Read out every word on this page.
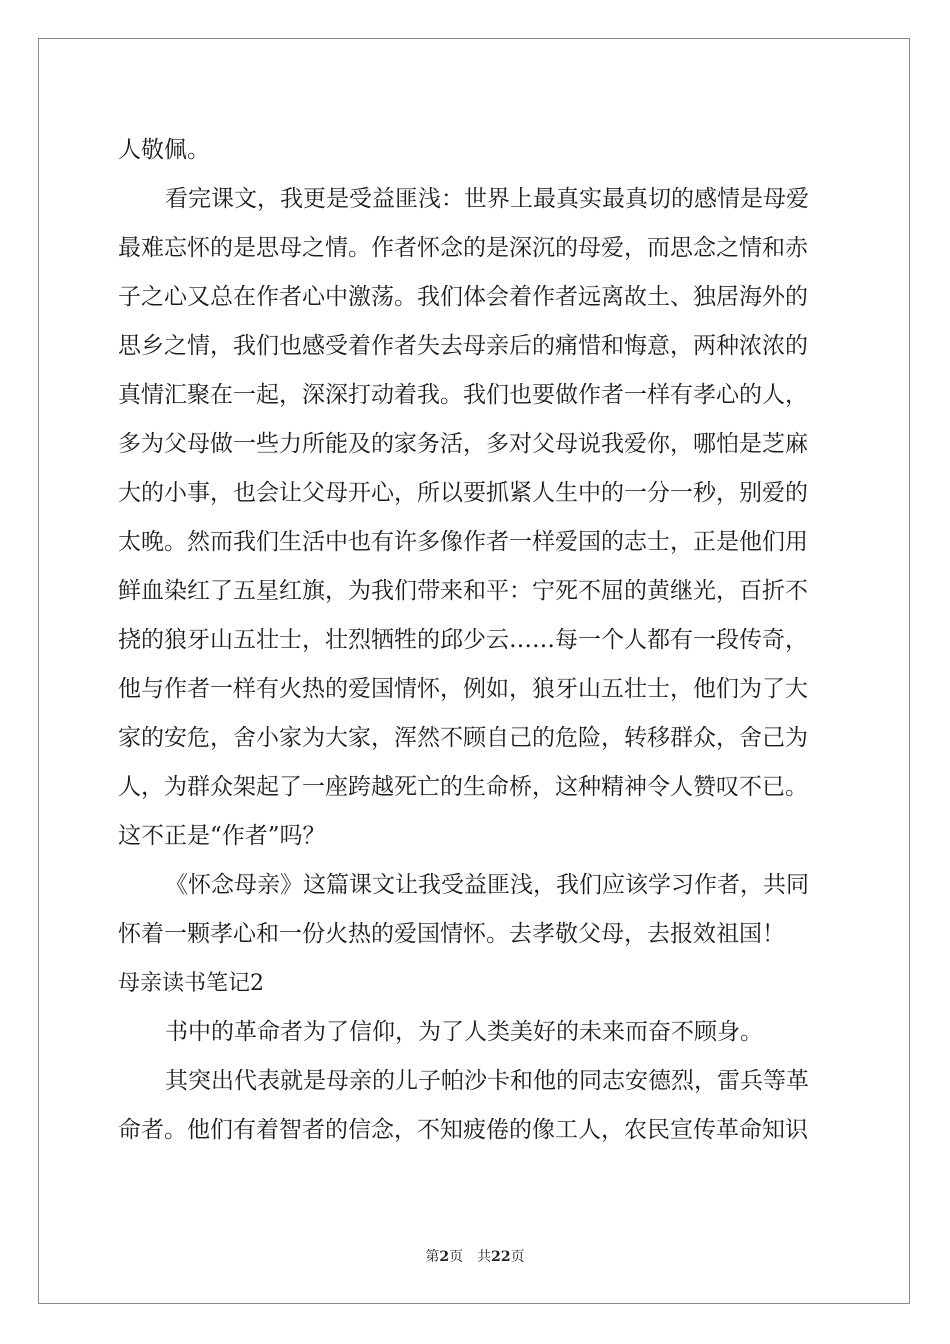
人敬佩。
看完课文，我更是受益匪浅：世界上最真实最真切的感情是母爱
最难忘怀的是思母之情。作者怀念的是深沉的母爱，而思念之情和赤
子之心又总在作者心中激荡。我们体会着作者远离故土、独居海外的
思乡之情，我们也感受着作者失去母亲后的痛惜和悔意，两种浓浓的
真情汇聚在一起，深深打动着我。我们也要做作者一样有孝心的人，
多为父母做一些力所能及的家务活，多对父母说我爱你，哪怕是芝麻
大的小事，也会让父母开心，所以要抓紧人生中的一分一秒，别爱的
太晚。然而我们生活中也有许多像作者一样爱国的志士，正是他们用
鲜血染红了五星红旗，为我们带来和平：宁死不屈的黄继光，百折不
挠的狼牙山五壮士，壮烈牺牲的邱少云……每一个人都有一段传奇，
他与作者一样有火热的爱国情怀，例如，狼牙山五壮士，他们为了大
家的安危，舍小家为大家，浑然不顾自己的危险，转移群众，舍己为
人，为群众架起了一座跨越死亡的生命桥，这种精神令人赞叹不已。
这不正是“作者”吗？
《怀念母亲》这篇课文让我受益匪浅，我们应该学习作者，共同
怀着一颗孝心和一份火热的爱国情怀。去孝敬父母，去报效祖国！
母亲读书笔记2
书中的革命者为了信仰，为了人类美好的未来而奋不顾身。
其突出代表就是母亲的儿子帕沙卡和他的同志安德烈，雷兵等革
命者。他们有着智者的信念，不知疲倦的像工人，农民宣传革命知识
第2页 共22页
